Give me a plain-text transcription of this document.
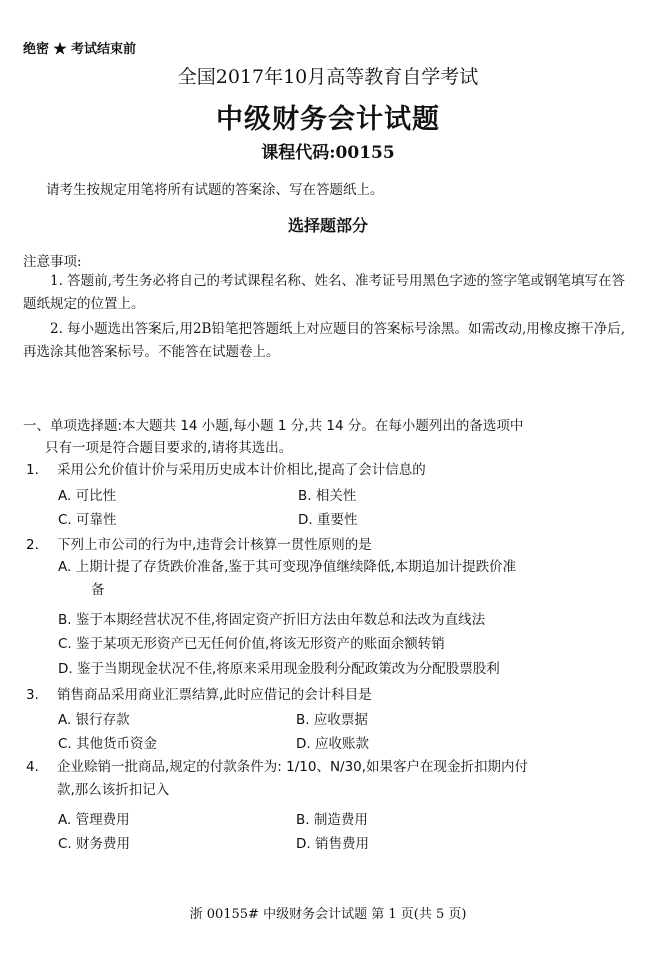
绝密 ★ 考试结束前
全国2017年10月高等教育自学考试
中级财务会计试题
课程代码:00155
请考生按规定用笔将所有试题的答案涂、写在答题纸上。
选择题部分
注意事项:
1. 答题前,考生务必将自己的考试课程名称、姓名、准考证号用黑色字迹的签字笔或钢笔填写在答题纸规定的位置上。
2. 每小题选出答案后,用2B铅笔把答题纸上对应题目的答案标号涂黑。如需改动,用橡皮擦干净后,再选涂其他答案标号。不能答在试题卷上。
一、单项选择题:本大题共 14 小题,每小题 1 分,共 14 分。在每小题列出的备选项中
只有一项是符合题目要求的,请将其选出。
1. 采用公允价值计价与采用历史成本计价相比,提高了会计信息的
A. 可比性	B. 相关性
C. 可靠性	D. 重要性
2. 下列上市公司的行为中,违背会计核算一贯性原则的是
A. 上期计提了存货跌价准备,鉴于其可变现净值继续降低,本期追加计提跌价准
备
B. 鉴于本期经营状况不佳,将固定资产折旧方法由年数总和法改为直线法
C. 鉴于某项无形资产已无任何价值,将该无形资产的账面余额转销
D. 鉴于当期现金状况不佳,将原来采用现金股利分配政策改为分配股票股利
3. 销售商品采用商业汇票结算,此时应借记的会计科目是
A. 银行存款	B. 应收票据
C. 其他货币资金	D. 应收账款
4. 企业赊销一批商品,规定的付款条件为: 1/10、N/30,如果客户在现金折扣期内付
款,那么该折扣记入
A. 管理费用	B. 制造费用
C. 财务费用	D. 销售费用
浙 00155# 中级财务会计试题 第 1 页(共 5 页)
